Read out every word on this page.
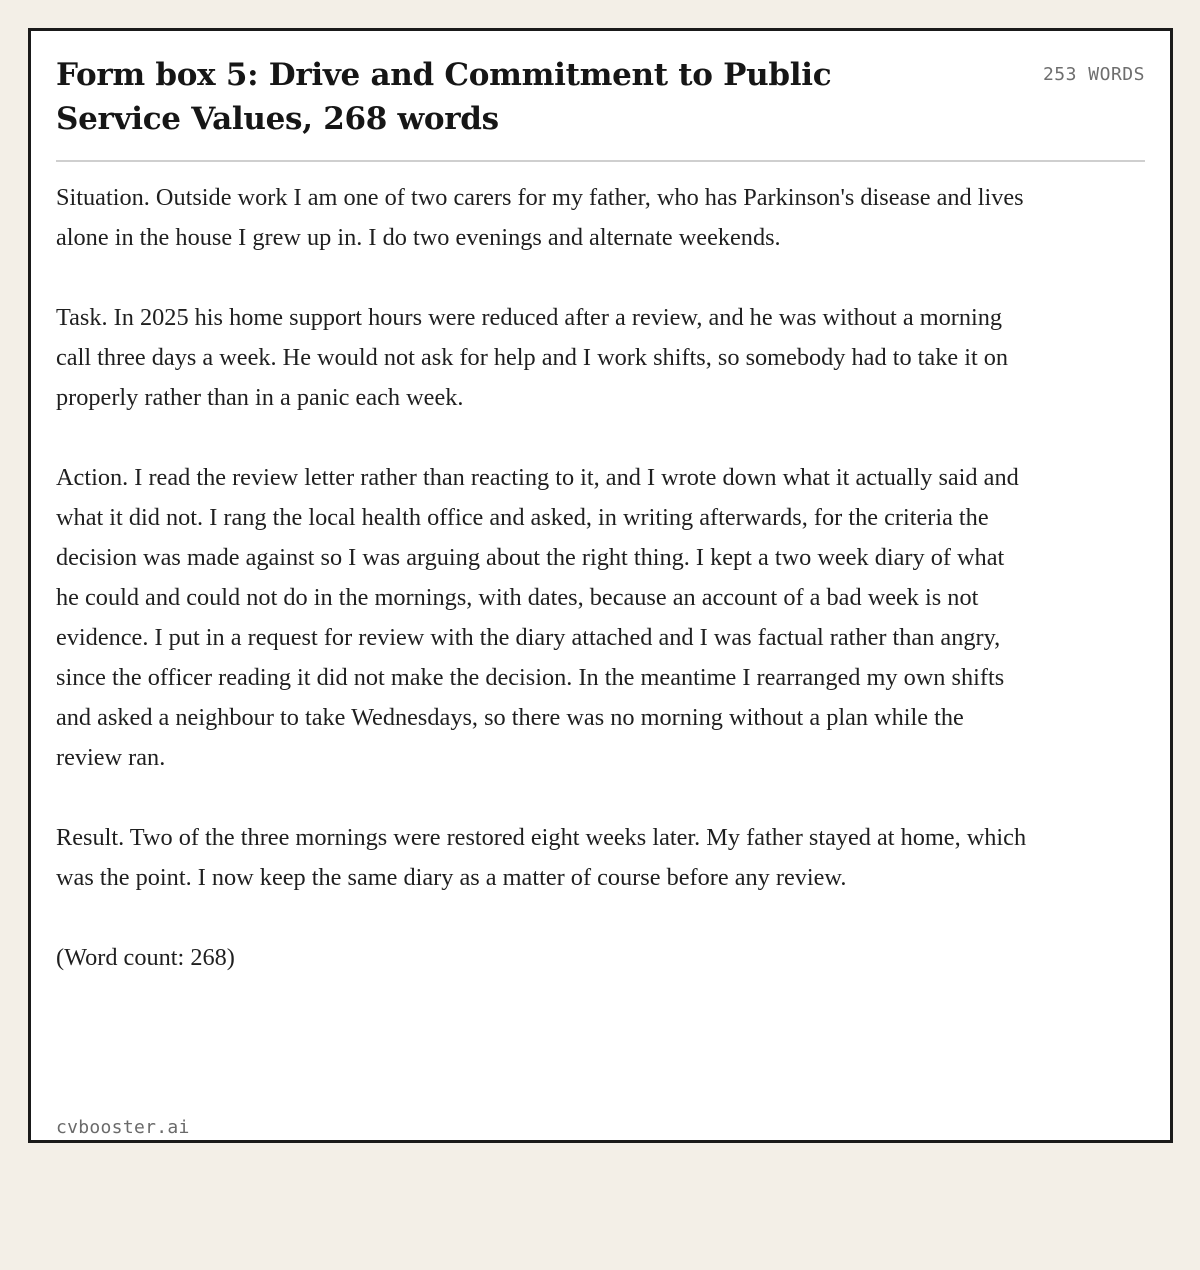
Form box 5: Drive and Commitment to Public Service Values, 268 words
253 WORDS

Situation. Outside work I am one of two carers for my father, who has Parkinson's disease and lives alone in the house I grew up in. I do two evenings and alternate weekends.

Task. In 2025 his home support hours were reduced after a review, and he was without a morning call three days a week. He would not ask for help and I work shifts, so somebody had to take it on properly rather than in a panic each week.

Action. I read the review letter rather than reacting to it, and I wrote down what it actually said and what it did not. I rang the local health office and asked, in writing afterwards, for the criteria the decision was made against so I was arguing about the right thing. I kept a two week diary of what he could and could not do in the mornings, with dates, because an account of a bad week is not evidence. I put in a request for review with the diary attached and I was factual rather than angry, since the officer reading it did not make the decision. In the meantime I rearranged my own shifts and asked a neighbour to take Wednesdays, so there was no morning without a plan while the review ran.

Result. Two of the three mornings were restored eight weeks later. My father stayed at home, which was the point. I now keep the same diary as a matter of course before any review.

(Word count: 268)

cvbooster.ai
